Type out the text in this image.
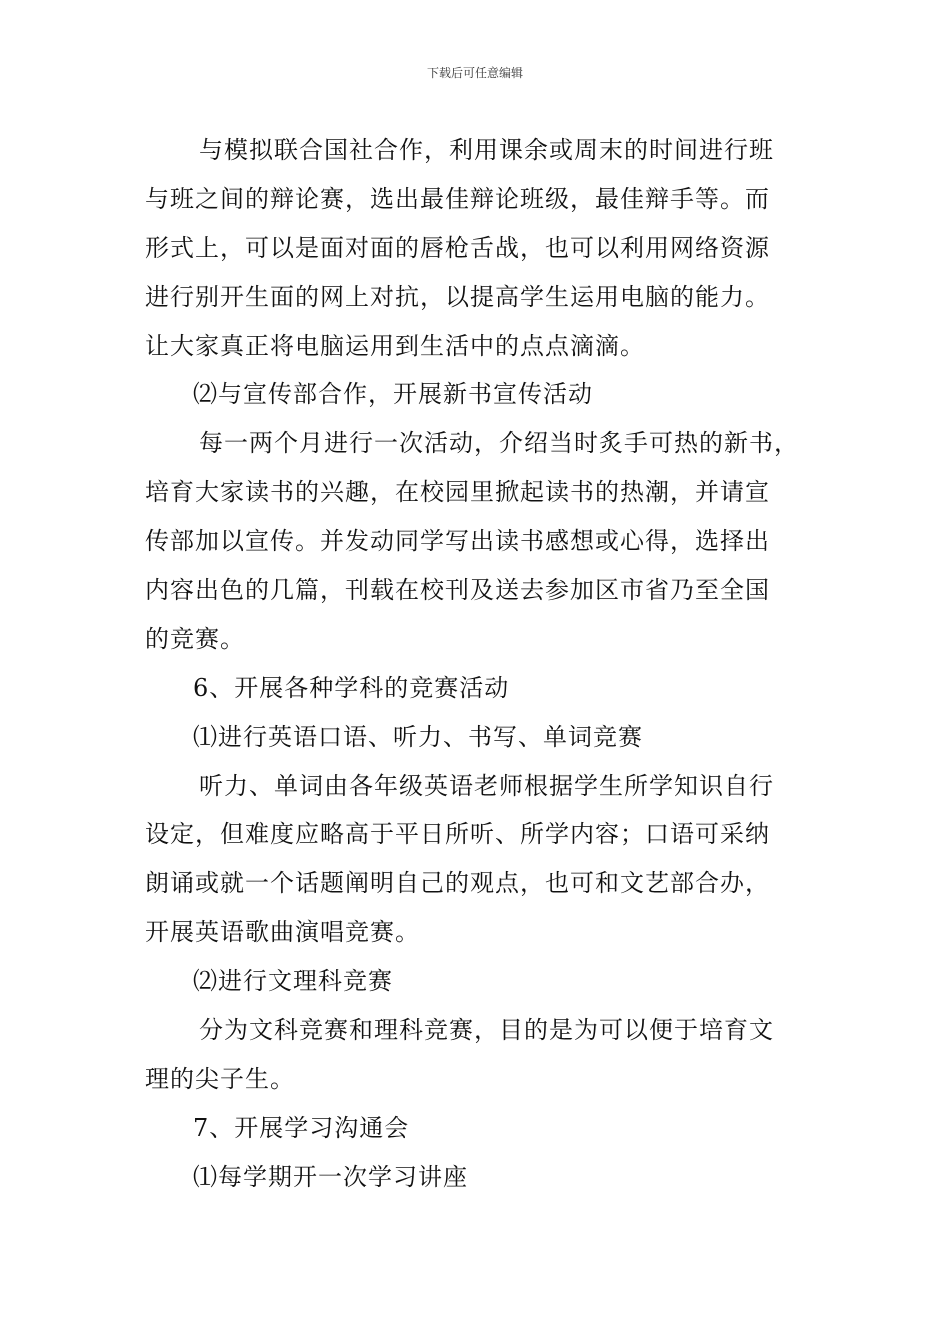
下载后可任意编辑
与模拟联合国社合作，利用课余或周末的时间进行班
与班之间的辩论赛，选出最佳辩论班级，最佳辩手等。而
形式上，可以是面对面的唇枪舌战，也可以利用网络资源
进行别开生面的网上对抗，以提高学生运用电脑的能力。
让大家真正将电脑运用到生活中的点点滴滴。
⑵与宣传部合作，开展新书宣传活动
每一两个月进行一次活动，介绍当时炙手可热的新书，
培育大家读书的兴趣，在校园里掀起读书的热潮，并请宣
传部加以宣传。并发动同学写出读书感想或心得，选择出
内容出色的几篇，刊载在校刊及送去参加区市省乃至全国
的竞赛。
6、开展各种学科的竞赛活动
⑴进行英语口语、听力、书写、单词竞赛
听力、单词由各年级英语老师根据学生所学知识自行
设定，但难度应略高于平日所听、所学内容；口语可采纳
朗诵或就一个话题阐明自己的观点，也可和文艺部合办，
开展英语歌曲演唱竞赛。
⑵进行文理科竞赛
分为文科竞赛和理科竞赛，目的是为可以便于培育文
理的尖子生。
7、开展学习沟通会
⑴每学期开一次学习讲座
